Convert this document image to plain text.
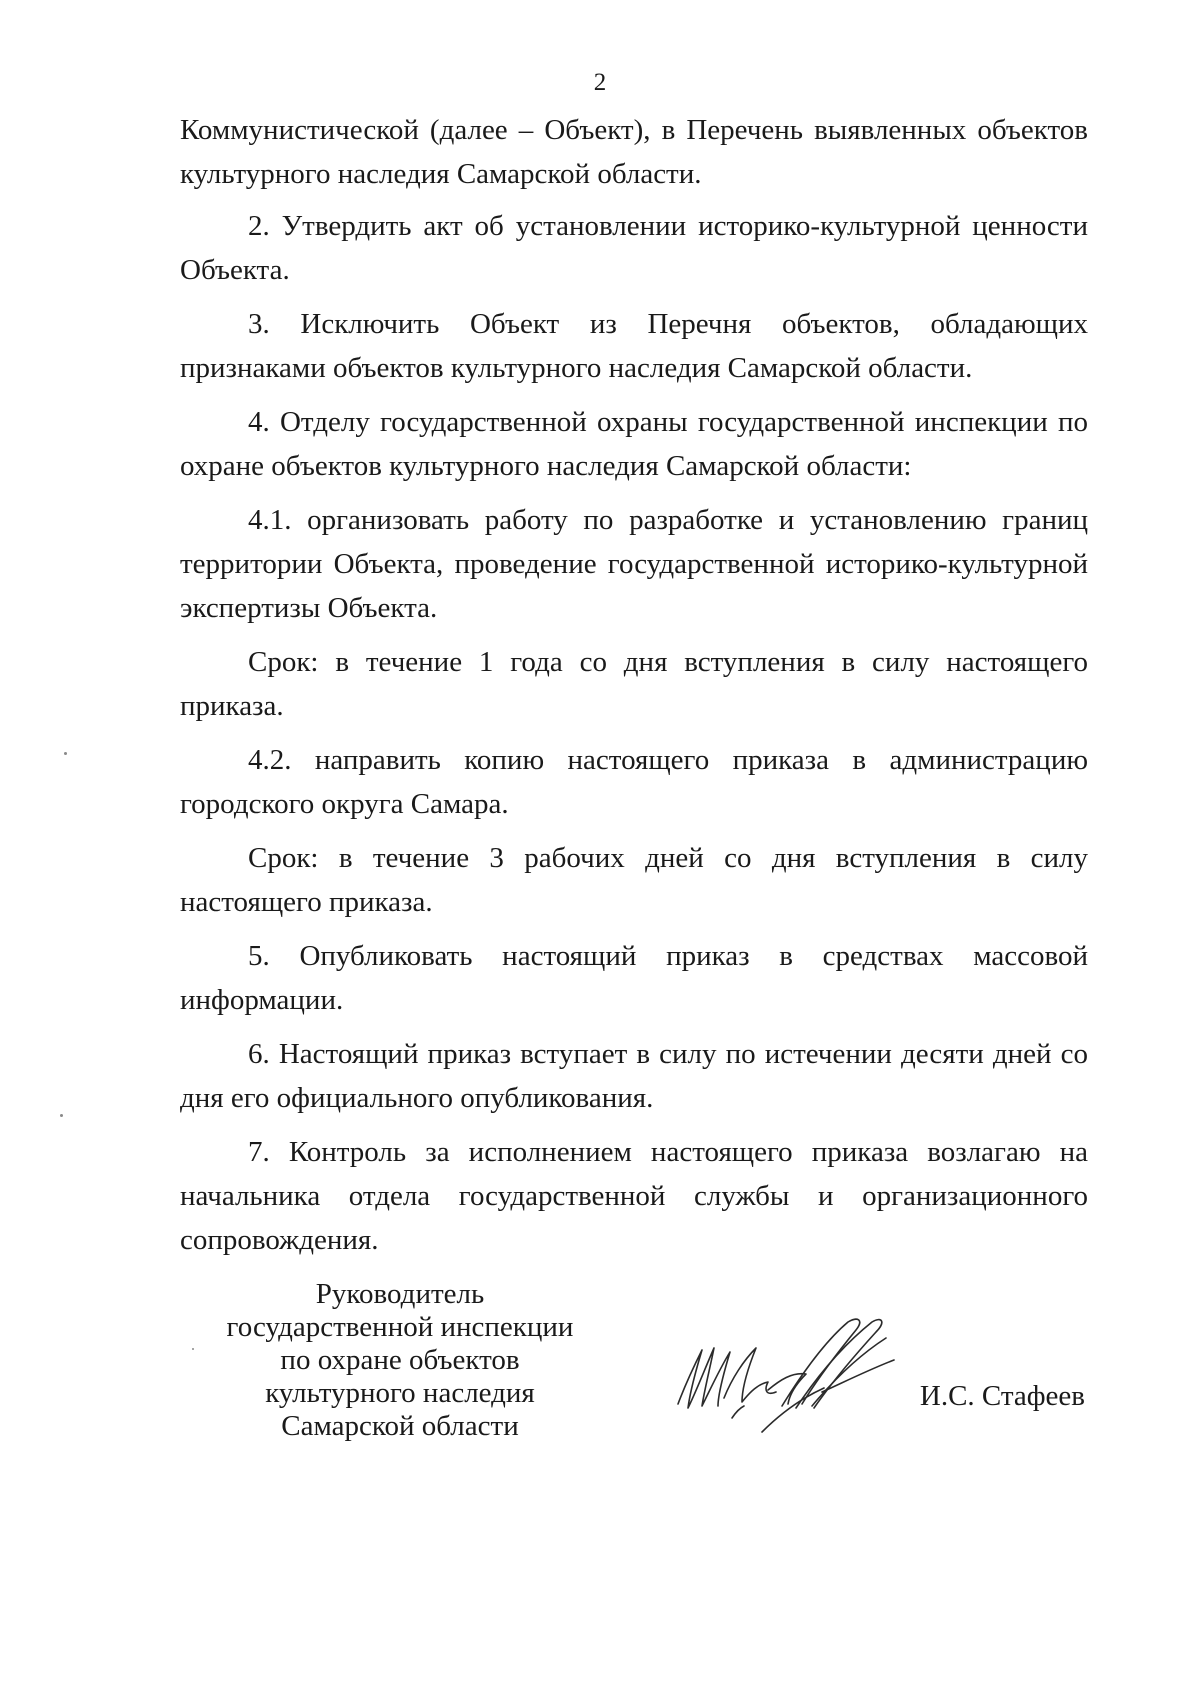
2

Коммунистической (далее – Объект), в Перечень выявленных объектов культурного наследия Самарской области.

2. Утвердить акт об установлении историко-культурной ценности Объекта.

3. Исключить Объект из Перечня объектов, обладающих признаками объектов культурного наследия Самарской области.

4. Отделу государственной охраны государственной инспекции по охране объектов культурного наследия Самарской области:

4.1. организовать работу по разработке и установлению границ территории Объекта, проведение государственной историко-культурной экспертизы Объекта.

Срок: в течение 1 года со дня вступления в силу настоящего приказа.

4.2. направить копию настоящего приказа в администрацию городского округа Самара.

Срок: в течение 3 рабочих дней со дня вступления в силу настоящего приказа.

5. Опубликовать настоящий приказ в средствах массовой информации.

6. Настоящий приказ вступает в силу по истечении десяти дней со дня его официального опубликования.

7. Контроль за исполнением настоящего приказа возлагаю на начальника отдела государственной службы и организационного сопровождения.

Руководитель
государственной инспекции
по охране объектов
культурного наследия
Самарской области
И.С. Стафеев
